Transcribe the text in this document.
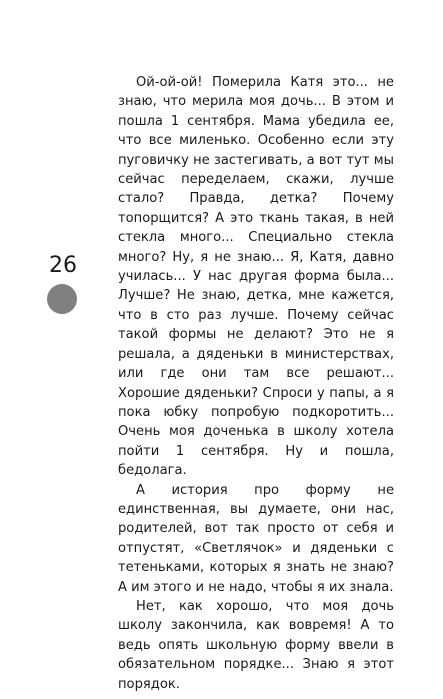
26

Ой-ой-ой! Померила Катя это... не знаю, что мерила моя дочь... В этом и пошла 1 сентября. Мама убедила ее, что все миленько. Особенно если эту пуговичку не застегивать, а вот тут мы сейчас переделаем, скажи, лучше стало? Правда, детка? Почему топорщится? А это ткань такая, в ней стекла много... Специально стекла много? Ну, я не знаю... Я, Катя, давно училась... У нас другая форма была... Лучше? Не знаю, детка, мне кажется, что в сто раз лучше. Почему сейчас такой формы не делают? Это не я решала, а дяденьки в министерствах, или где они там все решают... Хорошие дяденьки? Спроси у папы, а я пока юбку попробую подкоротить... Очень моя доченька в школу хотела пойти 1 сентября. Ну и пошла, бедолага.

А история про форму не единственная, вы думаете, они нас, родителей, вот так просто от себя и отпустят, «Светлячок» и дяденьки с тетеньками, которых я знать не знаю? А им этого и не надо, чтобы я их знала.

Нет, как хорошо, что моя дочь школу закончила, как вовремя! А то ведь опять школьную форму ввели в обязательном порядке... Знаю я этот порядок.
